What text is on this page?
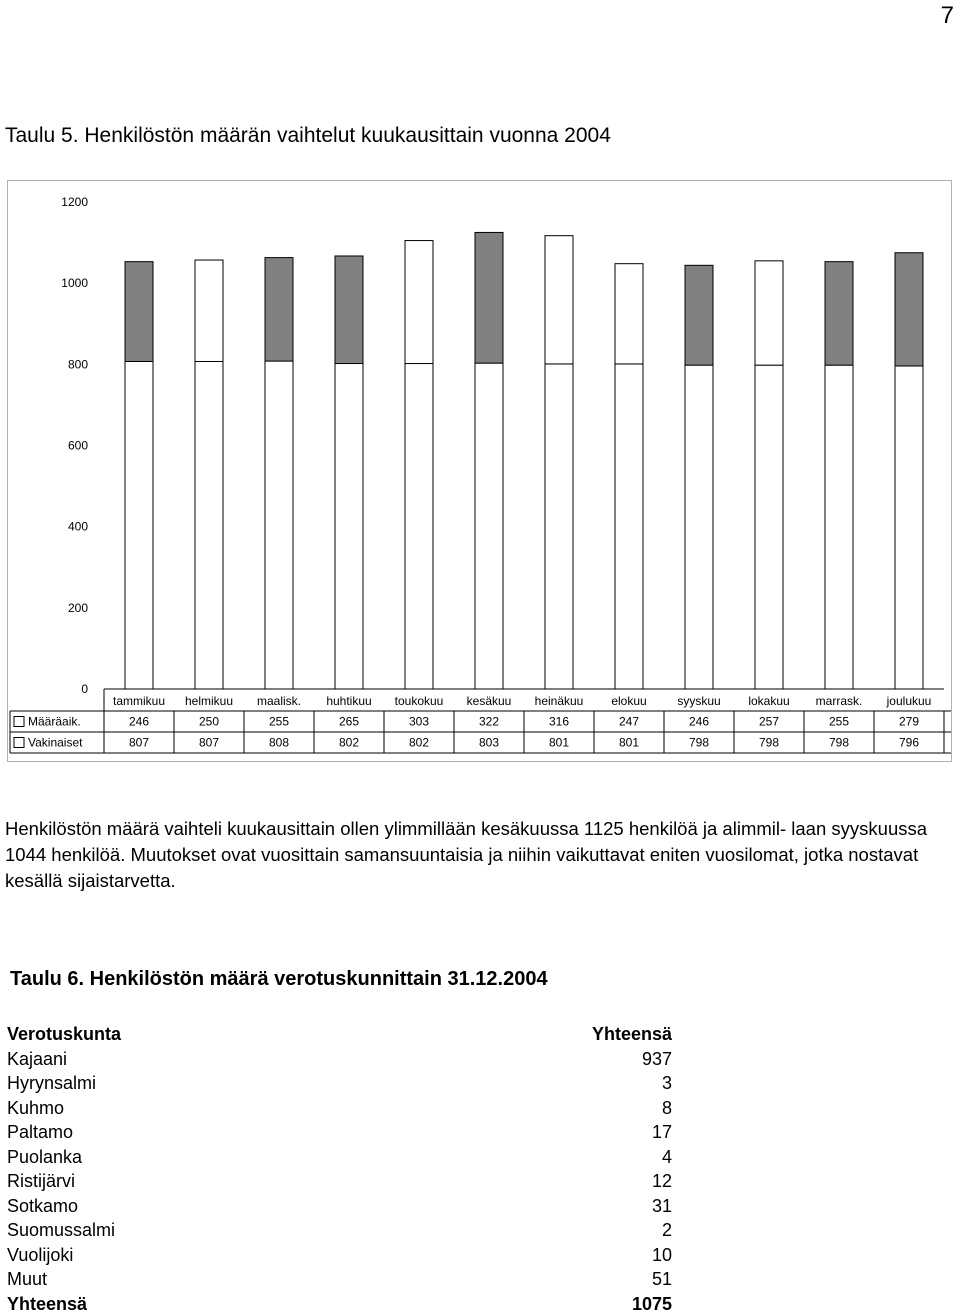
7
Taulu 5. Henkilöstön määrän vaihtelut kuukausittain vuonna 2004
0
200
400
600
800
1000
1200
tammikuu helmikuu maalisk. huhtikuu toukokuu kesäkuu heinäkuu elokuu	syyskuu lokakuu marrask. joulukuu
Määräaik.	246	250	255	265	303	322	316	247	246	257	255	279
Vakinaiset	807	807	808	802	802	803	801	801	798	798	798	796

Henkilöstön määrä vaihteli kuukausittain ollen ylimmillään kesäkuussa 1125 henkilöä ja alimmil- laan syyskuussa 1044 henkilöä. Muutokset ovat vuosittain samansuuntaisia ja niihin vaikuttavat eniten vuosilomat, jotka nostavat kesällä sijaistarvetta.

Taulu 6. Henkilöstön määrä verotuskunnittain 31.12.2004
Verotuskunta	Yhteensä
Kajaani	937
Hyrynsalmi	3
Kuhmo	8
Paltamo	17
Puolanka	4
Ristijärvi	12
Sotkamo	31
Suomussalmi	2
Vuolijoki	10
Muut	51
Yhteensä	1075
